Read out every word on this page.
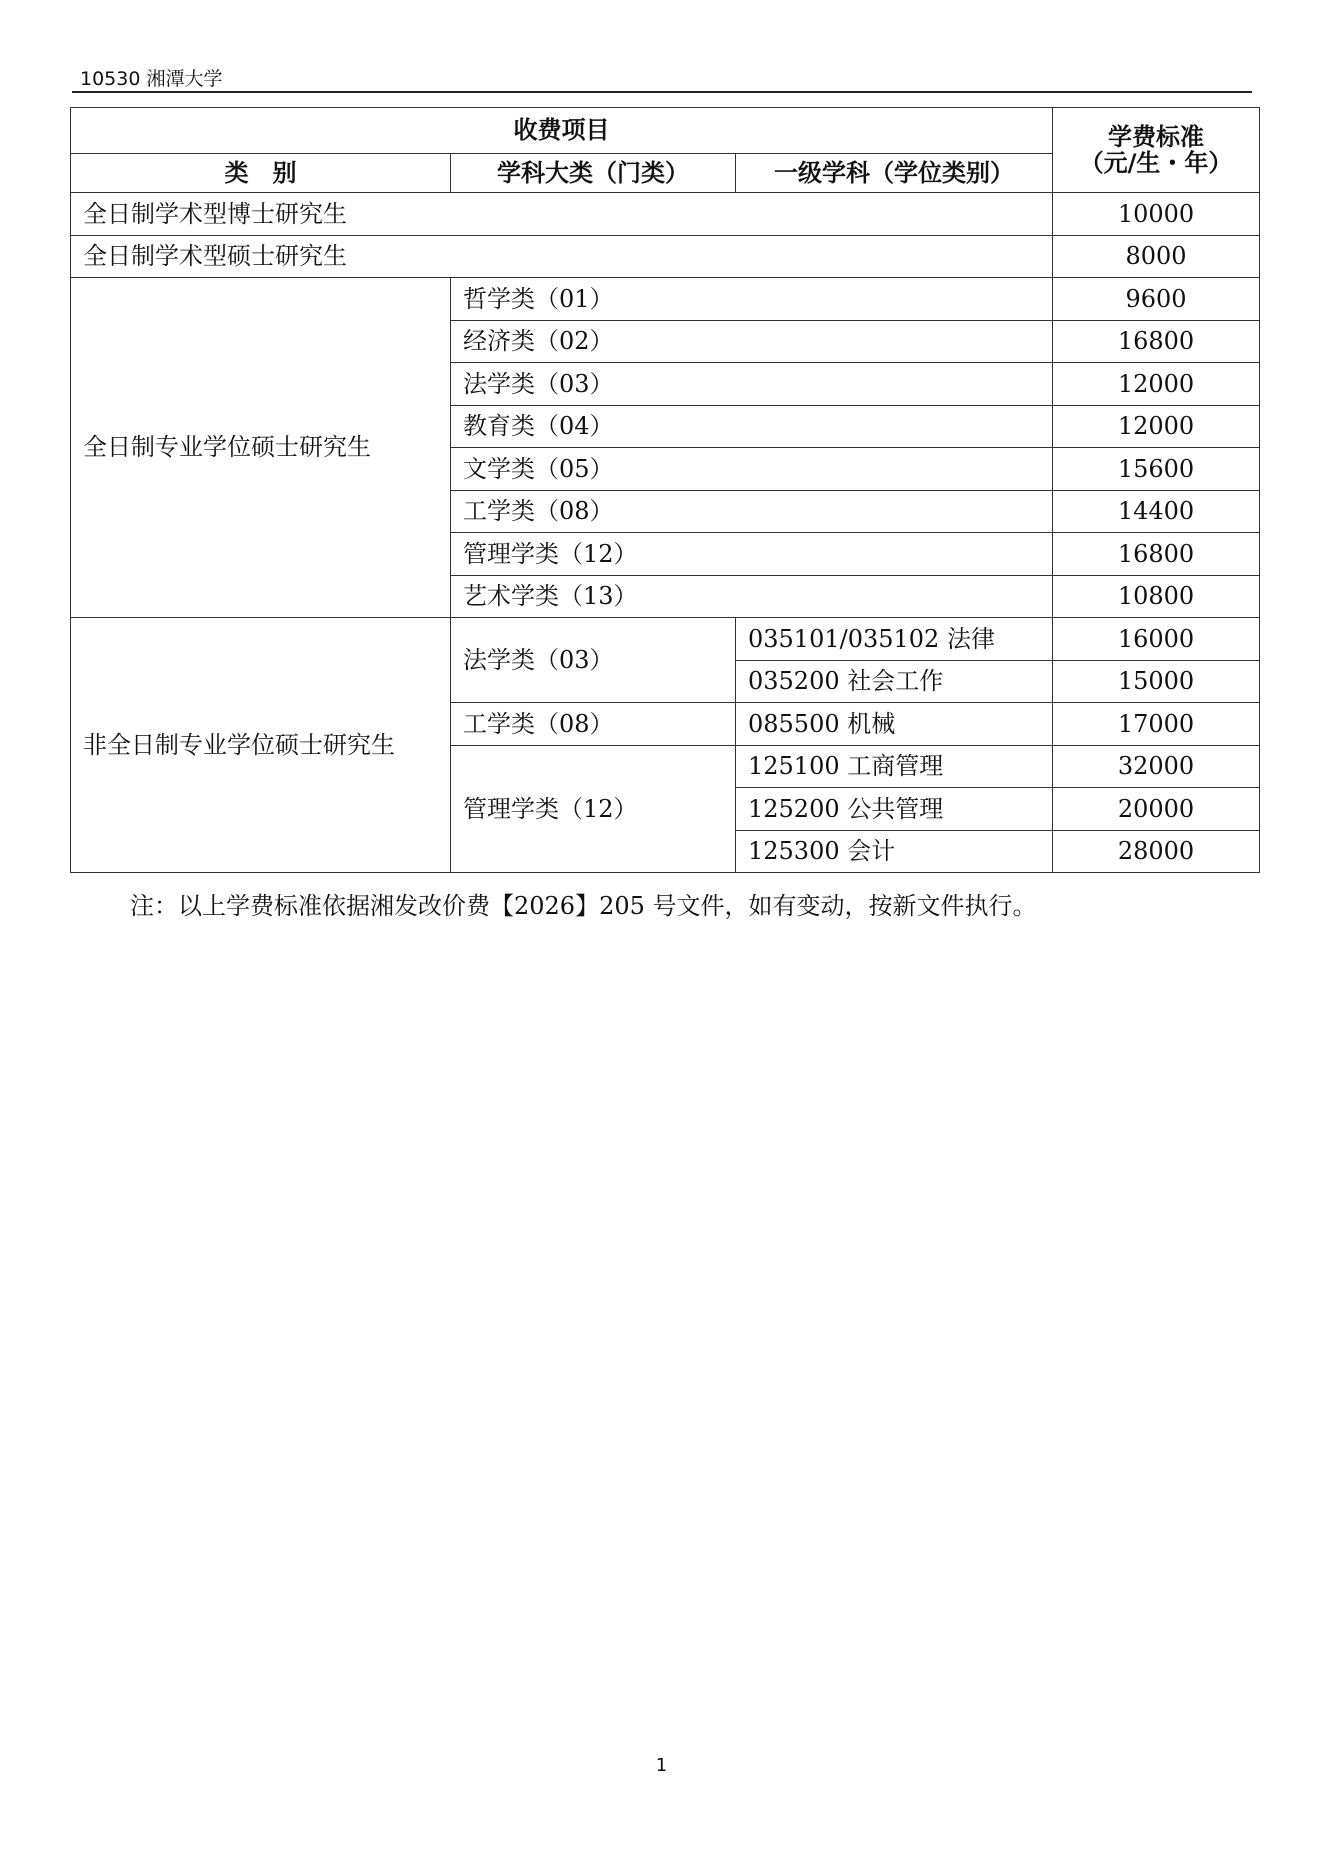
10530 湘潭大学
收费项目			学费标准
（元/生・年）

类　别	学科大类（门类）	一级学科（学位类别）	
全日制学术型博士研究生			10000
全日制学术型硕士研究生			8000
全日制专业学位硕士研究生	哲学类（01）		9600
	经济类（02）		16800
	法学类（03）		12000
	教育类（04）		12000
	文学类（05）		15600
	工学类（08）		14400
	管理学类（12）		16800
	艺术学类（13）		10800
非全日制专业学位硕士研究生	法学类（03）	035101/035102 法律	16000
		035200 社会工作	15000
	工学类（08）	085500 机械	17000
	管理学类（12）	125100 工商管理	32000
		125200 公共管理	20000
		125300 会计	28000
注：以上学费标准依据湘发改价费【2026】205 号文件，如有变动，按新文件执行。
1
